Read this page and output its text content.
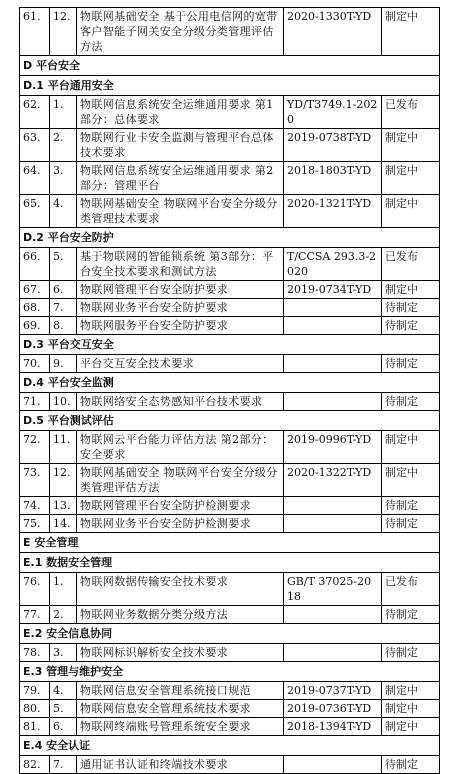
61.	12.	物联网基础安全 基于公用电信网的宽带客户智能子网关安全分级分类管理评估方法	2020-1330T-YD	制定中
D 平台安全				
D.1 平台通用安全				
62.	1.	物联网信息系统安全运维通用要求 第1部分：总体要求	YD/T3749.1-2020	已发布
63.	2.	物联网行业卡安全监测与管理平台总体技术要求	2019-0738T-YD	制定中
64.	3.	物联网信息系统安全运维通用要求 第2部分：管理平台	2018-1803T-YD	制定中
65.	4.	物联网基础安全 物联网平台安全分级分类管理技术要求	2020-1321T-YD	制定中
D.2 平台安全防护				
66.	5.	基于物联网的智能锁系统 第3部分：平台安全技术要求和测试方法	T/CCSA 293.3-2020	已发布
67.	6.	物联网管理平台安全防护要求	2019-0734T-YD	制定中
68.	7.	物联网业务平台安全防护要求		待制定
69.	8.	物联网服务平台安全防护要求		待制定
D.3 平台交互安全				
70.	9.	平台交互安全技术要求		待制定
D.4 平台安全监测				
71.	10.	物联网络安全态势感知平台技术要求		待制定
D.5 平台测试评估				
72.	11.	物联网云平台能力评估方法 第2部分：安全要求	2019-0996T-YD	制定中
73.	12.	物联网基础安全 物联网平台安全分级分类管理评估方法	2020-1322T-YD	制定中
74.	13.	物联网管理平台安全防护检测要求		待制定
75.	14.	物联网业务平台安全防护检测要求		待制定
E 安全管理				
E.1 数据安全管理				
76.	1.	物联网数据传输安全技术要求	GB/T 37025-2018	已发布
77.	2.	物联网业务数据分类分级方法		待制定
E.2 安全信息协同				
78.	3.	物联网标识解析安全技术要求		待制定
E.3 管理与维护安全				
79.	4.	物联网信息安全管理系统接口规范	2019-0737T-YD	制定中
80.	5.	物联网信息安全管理系统技术要求	2019-0736T-YD	制定中
81.	6.	物联网终端账号管理系统安全要求	2018-1394T-YD	制定中
E.4 安全认证				
82.	7.	通用证书认证和终端技术要求		待制定
